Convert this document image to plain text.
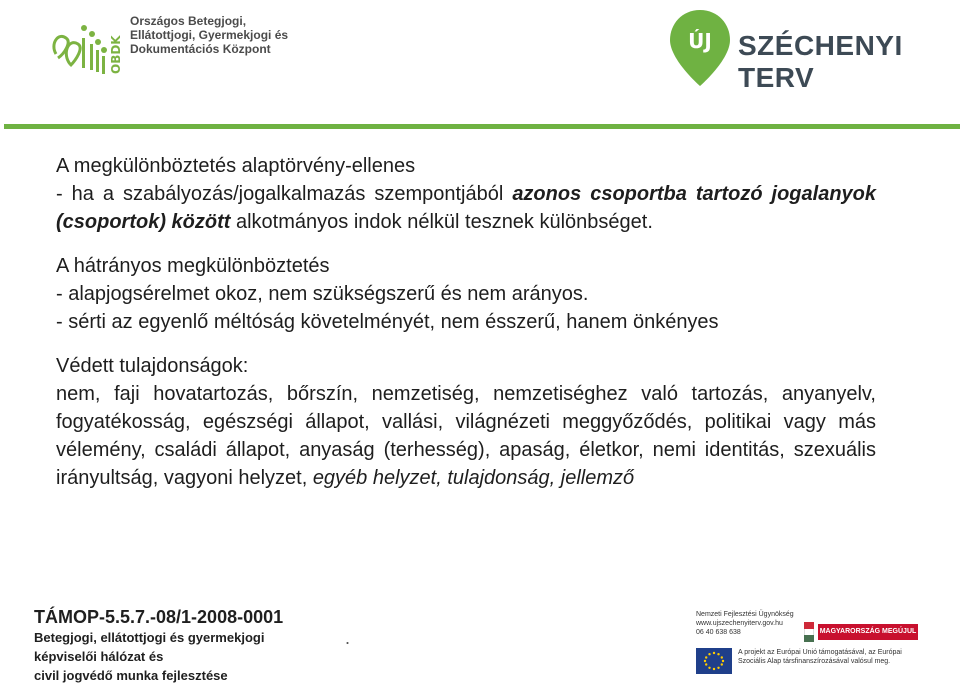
OBDK
Országos Betegjogi,
Ellátottjogi, Gyermekjogi és
Dokumentációs Központ	ÚJ SZÉCHENYI TERV

A megkülönböztetés alaptörvény-ellenes

- ha a szabályozás/jogalkalmazás szempontjából azonos csoportba tartozó jogalanyok (csoportok) között alkotmányos indok nélkül tesznek különbséget.

A hátrányos megkülönböztetés

- alapjogsérelmet okoz, nem szükségszerű és nem arányos.

- sérti az egyenlő méltóság követelményét, nem ésszerű, hanem önkényes

Védett tulajdonságok:

nem, faji hovatartozás, bőrszín, nemzetiség, nemzetiséghez való tartozás, anyanyelv, fogyatékosság, egészségi állapot, vallási, világnézeti meggyőződés, politikai vagy más vélemény, családi állapot, anyaság (terhesség), apaság, életkor, nemi identitás, szexuális irányultság, vagyoni helyzet, egyéb helyzet, tulajdonság, jellemző

TÁMOP-5.5.7.-08/1-2008-0001
Betegjogi, ellátottjogi és gyermekjogi
képviselői hálózat és
civil jogvédő munka fejlesztése
.
Nemzeti Fejlesztési Ügynökség
www.ujszechenyiterv.gov.hu
06 40 638 638	MAGYARORSZÁG MEGÚJUL
A projekt az Európai Unió támogatásával, az Európai
Szociális Alap társfinanszírozásával valósul meg.
